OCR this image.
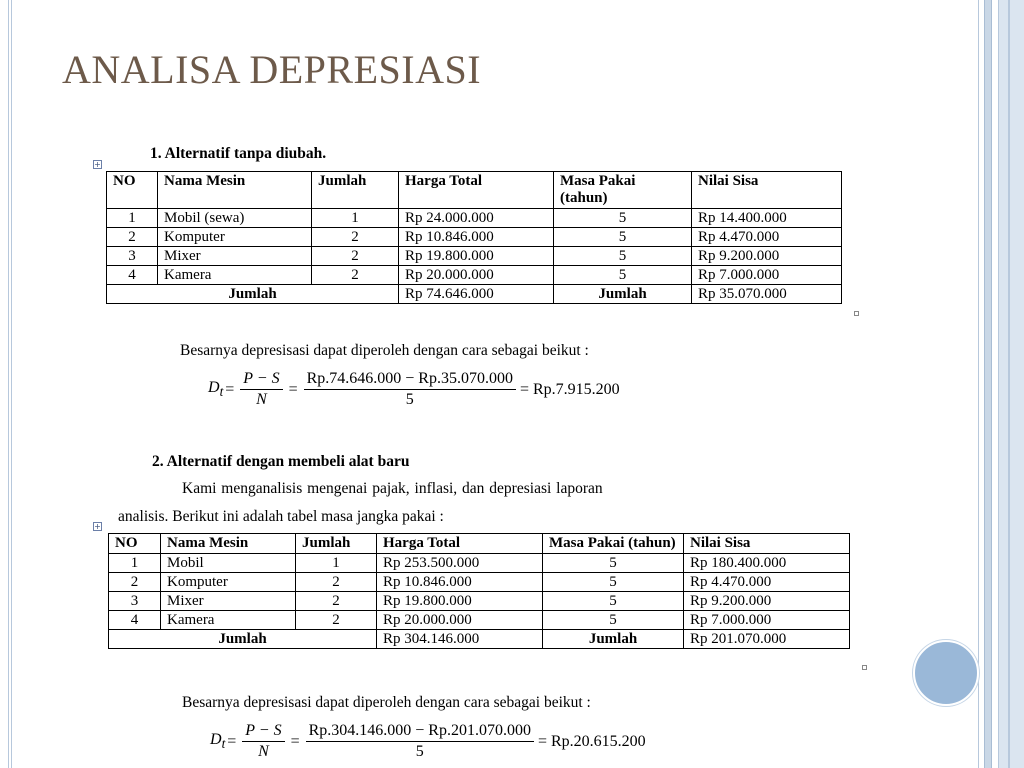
ANALISA DEPRESIASI
1. Alternatif tanpa diubah.
+
NO	Nama Mesin	Jumlah	Harga Total	Masa Pakai (tahun)	Nilai Sisa
1	Mobil (sewa)	1	Rp 24.000.000	5	Rp 14.400.000
2	Komputer	2	Rp 10.846.000	5	Rp 4.470.000
3	Mixer	2	Rp 19.800.000	5	Rp 9.200.000
4	Kamera	2	Rp 20.000.000	5	Rp 7.000.000
Jumlah			Rp 74.646.000	Jumlah	Rp 35.070.000
Besarnya depresisasi dapat diperoleh dengan cara sebagai beikut :
$D_t = \frac{P - S}{N} = \frac{Rp.74.646.000 - Rp.35.070.000}{5} = Rp.7.915.200$
2. Alternatif dengan membeli alat baru
Kami menganalisis mengenai pajak, inflasi, dan depresiasi laporan
analisis. Berikut ini adalah tabel masa jangka pakai :
+
NO	Nama Mesin	Jumlah	Harga Total	Masa Pakai (tahun)	Nilai Sisa
1	Mobil	1	Rp 253.500.000	5	Rp 180.400.000
2	Komputer	2	Rp 10.846.000	5	Rp 4.470.000
3	Mixer	2	Rp 19.800.000	5	Rp 9.200.000
4	Kamera	2	Rp 20.000.000	5	Rp 7.000.000
Jumlah			Rp 304.146.000	Jumlah	Rp 201.070.000
Besarnya depresisasi dapat diperoleh dengan cara sebagai beikut :
$D_t = \frac{P - S}{N} = \frac{Rp.304.146.000 - Rp.201.070.000}{5} = Rp.20.615.200$
